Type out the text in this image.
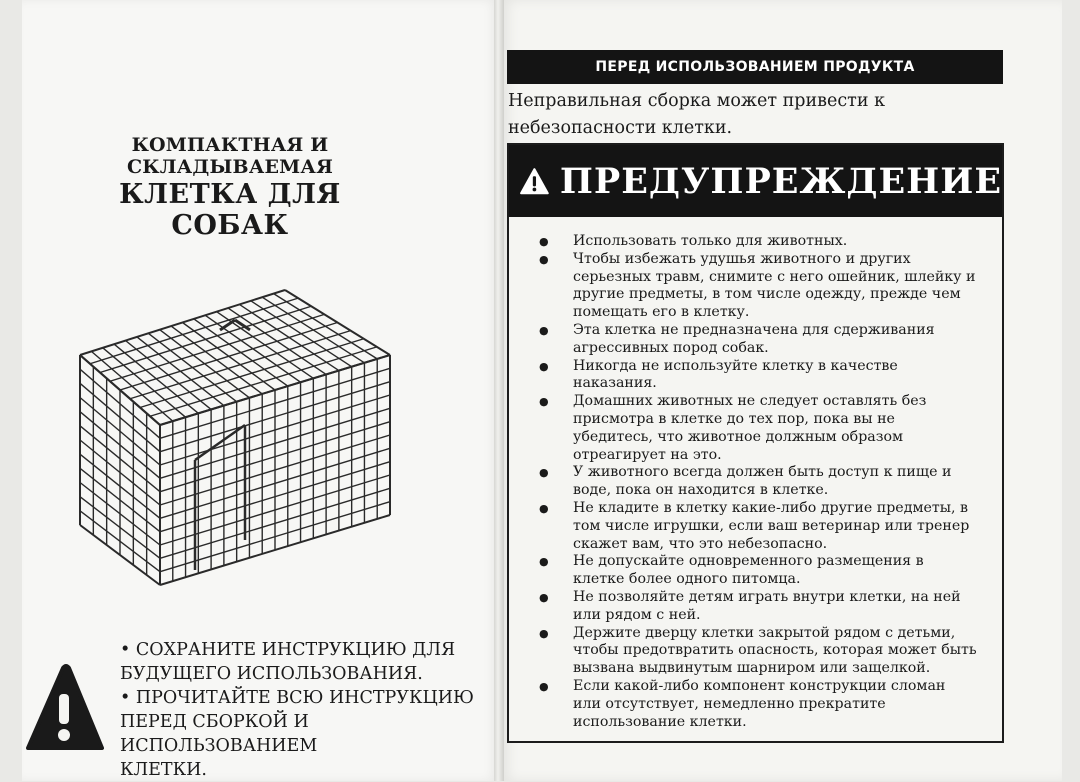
КОМПАКТНАЯ И
СКЛАДЫВАЕМАЯ
КЛЕТКА ДЛЯ
СОБАК
• СОХРАНИТЕ ИНСТРУКЦИЮ ДЛЯ
БУДУЩЕГО ИСПОЛЬЗОВАНИЯ.
• ПРОЧИТАЙТЕ ВСЮ ИНСТРУКЦИЮ
ПЕРЕД СБОРКОЙ И ИСПОЛЬЗОВАНИЕМ
КЛЕТКИ.
ПЕРЕД ИСПОЛЬЗОВАНИЕМ ПРОДУКТА
Неправильная сборка может привести к небезопасности клетки.
ПРЕДУПРЕЖДЕНИЕ
● Использовать только для животных.
● Чтобы избежать удушья животного и других серьезных травм, снимите с него ошейник, шлейку и другие предметы, в том числе одежду, прежде чем помещать его в клетку.
● Эта клетка не предназначена для сдерживания агрессивных пород собак.
● Никогда не используйте клетку в качестве наказания.
● Домашних животных не следует оставлять без присмотра в клетке до тех пор, пока вы не убедитесь, что животное должным образом отреагирует на это.
● У животного всегда должен быть доступ к пище и воде, пока он находится в клетке.
● Не кладите в клетку какие-либо другие предметы, в том числе игрушки, если ваш ветеринар или тренер скажет вам, что это небезопасно.
● Не допускайте одновременного размещения в клетке более одного питомца.
● Не позволяйте детям играть внутри клетки, на ней или рядом с ней.
● Держите дверцу клетки закрытой рядом с детьми, чтобы предотвратить опасность, которая может быть вызвана выдвинутым шарниром или защелкой.
● Если какой-либо компонент конструкции сломан или отсутствует, немедленно прекратите использование клетки.
